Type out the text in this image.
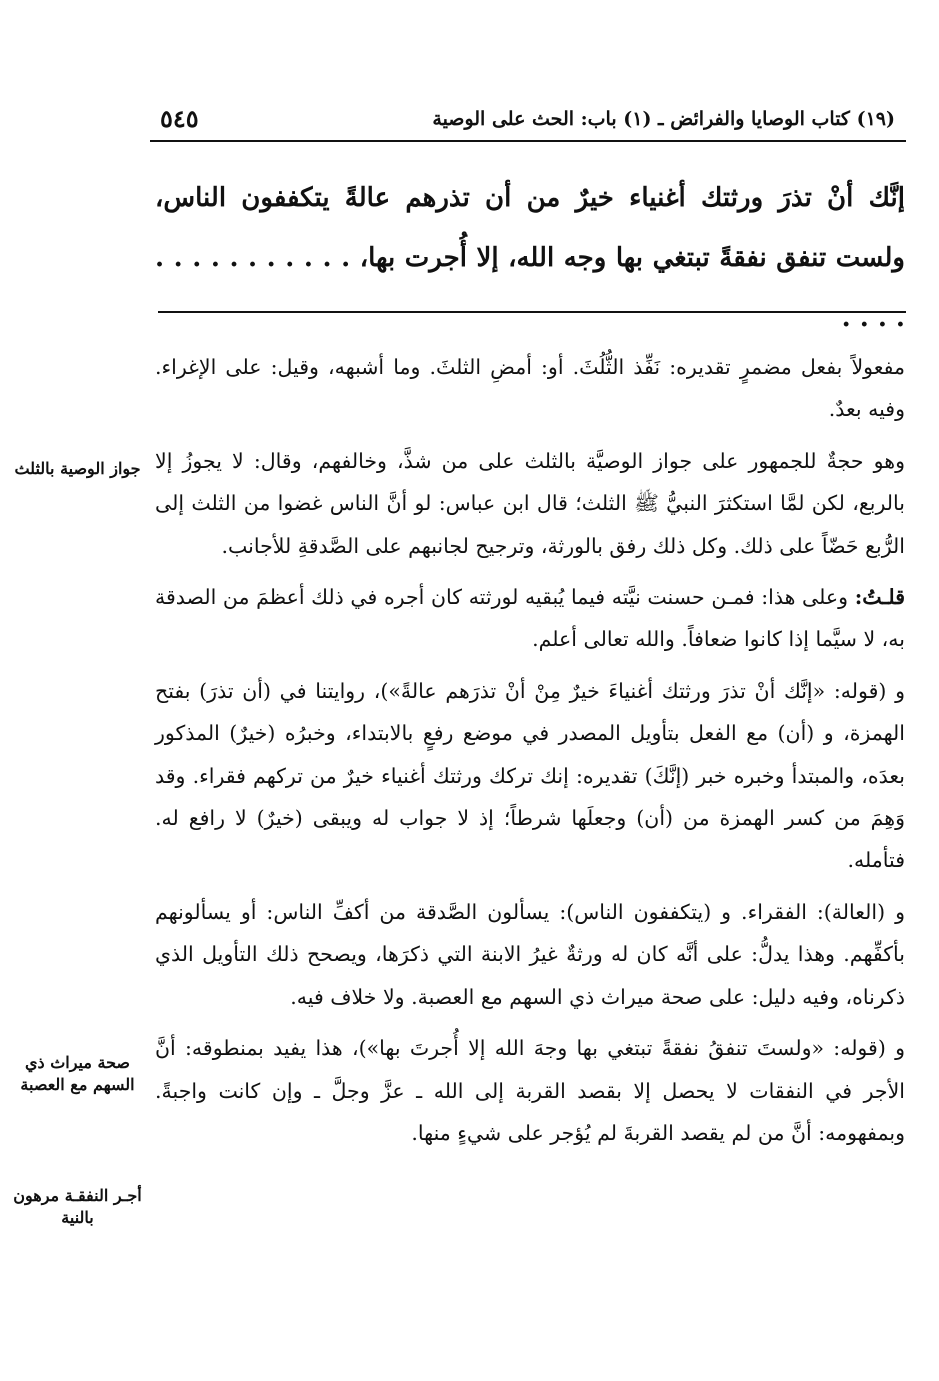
(١٩) كتاب الوصايا والفرائض ـ (١) باب: الحث على الوصية
٥٤٥
إنَّك أنْ تذرَ ورثتك أغنياء خيرٌ من أن تذرهم عالةً يتكففون الناس، ولست تنفق نفقةً تبتغي بها وجه الله، إلا أُجرت بها، . . . . . . . . . . . . . . .

مفعولاً بفعل مضمرٍ تقديره: نَفِّذ الثُّلُثَ. أو: أمضِ الثلثَ. وما أشبهه، وقيل: على الإغراء. وفيه بعدٌ.

وهو حجةٌ للجمهور على جواز الوصيَّة بالثلث على من شذَّ، وخالفهم، وقال: لا يجوزُ إلا بالربع، لكن لمَّا استكثرَ النبيُّ ﷺ الثلث؛ قال ابن عباس: لو أنَّ الناس غضوا من الثلث إلى الرُّبع حَضّاً على ذلك. وكل ذلك رفق بالورثة، وترجيح لجانبهم على الصَّدقةِ للأجانب.

قلـتُ: وعلى هذا: فمـن حسنت نيَّته فيما يُبقيه لورثته كان أجره في ذلك أعظمَ من الصدقة به، لا سيَّما إذا كانوا ضعافاً. والله تعالى أعلم.

و (قوله: «إنَّك أنْ تذرَ ورثتك أغنياءَ خيرٌ مِنْ أنْ تذرَهم عالةً»)، روايتنا في (أن تذرَ) بفتح الهمزة، و (أن) مع الفعل بتأويل المصدر في موضع رفعٍ بالابتداء، وخبرُه (خيرٌ) المذكور بعدَه، والمبتدأ وخبره خبر (إنَّكَ) تقديره: إنك تركك ورثتك أغنياء خيرٌ من تركهم فقراء. وقد وَهِمَ من كسر الهمزة من (أن) وجعلَها شرطاً؛ إذ لا جواب له ويبقى (خيرٌ) لا رافع له. فتأمله.

و (العالة): الفقراء. و (يتكففون الناس): يسألون الصَّدقة من أكفِّ الناس: أو يسألونهم بأكفِّهم. وهذا يدلُّ: على أنَّه كان له ورثةٌ غيرُ الابنة التي ذكرَها، ويصحح ذلك التأويل الذي ذكرناه، وفيه دليل: على صحة ميراث ذي السهم مع العصبة. ولا خلاف فيه.

و (قوله: «ولستَ تنفقُ نفقةً تبتغي بها وجهَ الله إلا أُجرتَ بها»)، هذا يفيد بمنطوقه: أنَّ الأجر في النفقات لا يحصل إلا بقصد القربة إلى الله ـ عزَّ وجلَّ ـ وإن كانت واجبةً. وبمفهومه: أنَّ من لم يقصد القربةَ لم يُؤجر على شيءٍ منها.

جواز الوصية بالثلث
صحة ميراث ذي السهم مع العصبة
أجـر النفقـة مرهون بالنية
